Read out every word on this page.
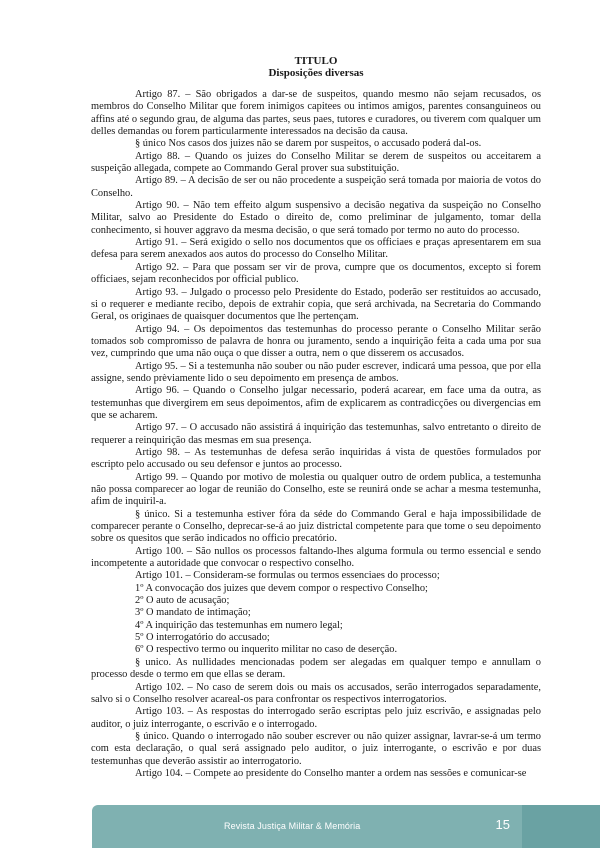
TITULO
Disposições diversas

Artigo 87. – São obrigados a dar-se de suspeitos, quando mesmo não sejam recusados, os membros do Conselho Militar que forem inimigos capitees ou intimos amigos, parentes consanguineos ou affins até o segundo grau, de alguma das partes, seus paes, tutores e curadores, ou tiverem com qualquer um delles demandas ou forem particularmente interessados na decisão da causa.

§ único Nos casos dos juizes não se darem por suspeitos, o accusado poderá dal-os.

Artigo 88. – Quando os juizes do Conselho Militar se derem de suspeitos ou acceitarem a suspeição allegada, compete ao Commando Geral prover sua substituição.

Artigo 89. – A decisão de ser ou não procedente a suspeição será tomada por maioria de votos do Conselho.

Artigo 90. – Não tem effeito algum suspensivo a decisão negativa da suspeição no Conselho Militar, salvo ao Presidente do Estado o direito de, como preliminar de julgamento, tomar della conhecimento, si houver aggravo da mesma decisão, o que será tomado por termo no auto do processo.

Artigo 91. – Será exigido o sello nos documentos que os officiaes e praças apresentarem em sua defesa para serem anexados aos autos do processo do Conselho Militar.

Artigo 92. – Para que possam ser vir de prova, cumpre que os documentos, excepto si forem officiaes, sejam reconhecidos por official publico.

Artigo 93. – Julgado o processo pelo Presidente do Estado, poderão ser restituidos ao accusado, si o requerer e mediante recibo, depois de extrahir copia, que será archivada, na Secretaria do Commando Geral, os originaes de quaisquer documentos que lhe pertençam.

Artigo 94. – Os depoimentos das testemunhas do processo perante o Conselho Militar serão tomados sob compromisso de palavra de honra ou juramento, sendo a inquirição feita a cada uma por sua vez, cumprindo que uma não ouça o que disser a outra, nem o que disserem os accusados.

Artigo 95. – Si a testemunha não souber ou não puder escrever, indicará uma pessoa, que por ella assigne, sendo prèviamente lido o seu depoimento em presença de ambos.

Artigo 96. – Quando o Conselho julgar necessario, poderá acarear, em face uma da outra, as testemunhas que divergirem em seus depoimentos, afim de explicarem as contradicções ou divergencias em que se acharem.

Artigo 97. – O accusado não assistirá á inquirição das testemunhas, salvo entretanto o direito de requerer a reinquirição das mesmas em sua presença.

Artigo 98. – As testemunhas de defesa serão inquiridas á vista de questões formulados por escripto pelo accusado ou seu defensor e juntos ao processo.

Artigo 99. – Quando por motivo de molestia ou qualquer outro de ordem publica, a testemunha não possa comparecer ao logar de reunião do Conselho, este se reunirá onde se achar a mesma testemunha, afim de inquiril-a.

§ único. Si a testemunha estiver fóra da séde do Commando Geral e haja impossibilidade de comparecer perante o Conselho, deprecar-se-á ao juiz districtal competente para que tome o seu depoimento sobre os quesitos que serão indicados no officio precatório.

Artigo 100. – São nullos os processos faltando-lhes alguma formula ou termo essencial e sendo incompetente a autoridade que convocar o respectivo conselho.

Artigo 101. – Consideram-se formulas ou termos essenciaes do processo;

1º A convocação dos juizes que devem compor o respectivo Conselho;

2º O auto de acusação;

3º O mandato de intimação;

4º A inquirição das testemunhas em numero legal;

5º O interrogatório do accusado;

6º O respectivo termo ou inquerito militar no caso de deserção.

§ unico. As nullidades mencionadas podem ser alegadas em qualquer tempo e annullam o processo desde o termo em que ellas se deram.

Artigo 102. – No caso de serem dois ou mais os accusados, serão interrogados separadamente, salvo si o Conselho resolver acareal-os para confrontar os respectivos interrogatorios.

Artigo 103. – As respostas do interrogado serão escriptas pelo juiz escrivão, e assignadas pelo auditor, o juiz interrogante, o escrivão e o interrogado.

§ único. Quando o interrogado não souber escrever ou não quizer assignar, lavrar-se-á um termo com esta declaração, o qual será assignado pelo auditor, o juiz interrogante, o escrivão e por duas testemunhas que deverão assistir ao interrogatorio.

Artigo 104. – Compete ao presidente do Conselho manter a ordem nas sessões e comunicar-se

Revista Justiça Militar & Memória	15
